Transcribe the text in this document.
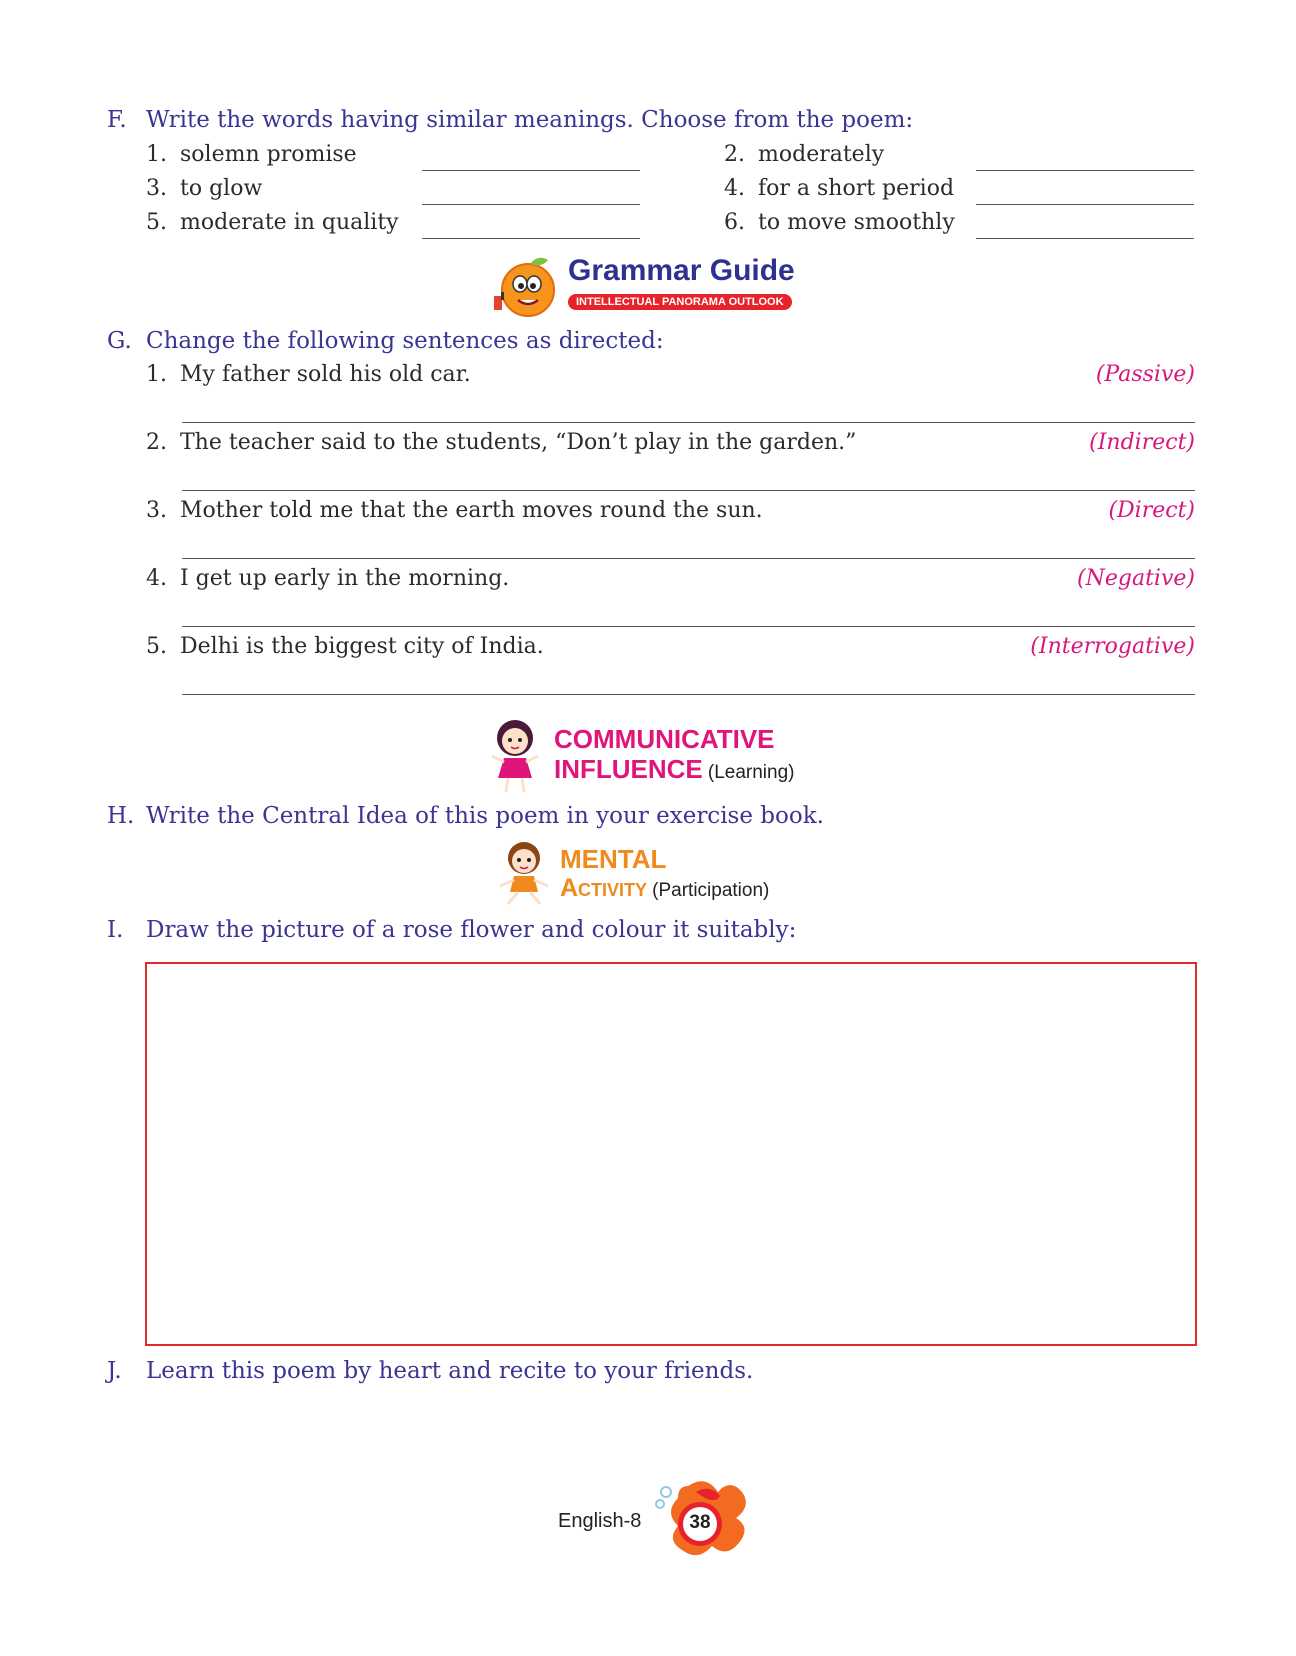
F. Write the words having similar meanings. Choose from the poem:
1. solemn promise	2. moderately
3. to glow	4. for a short period
5. moderate in quality	6. to move smoothly
Grammar Guide
INTELLECTUAL PANORAMA OUTLOOK
G. Change the following sentences as directed:
1. My father sold his old car.	(Passive)
2. The teacher said to the students, “Don’t play in the garden.”	(Indirect)
3. Mother told me that the earth moves round the sun.	(Direct)
4. I get up early in the morning.	(Negative)
5. Delhi is the biggest city of India.	(Interrogative)
COMMUNICATIVE
INFLUENCE (Learning)
H. Write the Central Idea of this poem in your exercise book.
MENTAL
Activity (Participation)
I. Draw the picture of a rose flower and colour it suitably:
J. Learn this poem by heart and recite to your friends.
English-8	38
